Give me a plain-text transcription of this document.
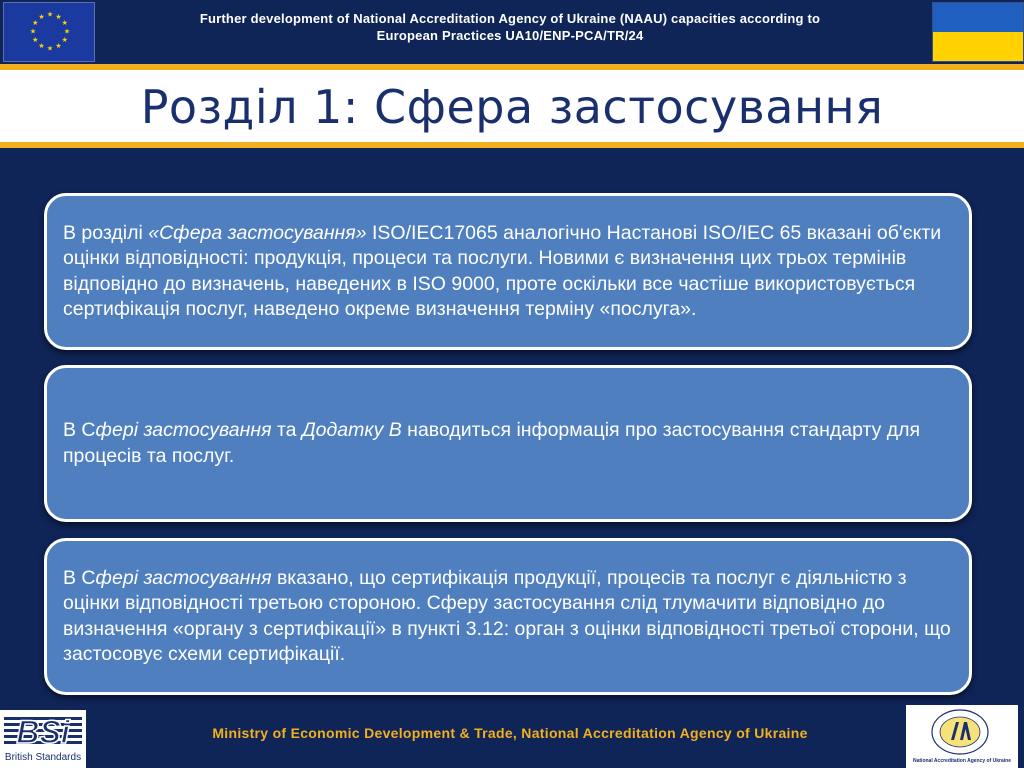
★ ★
★
★
★
★
★
★
★
★
★
★	Further development of National Accreditation Agency of Ukraine (NAAU) capacities according to
European Practices UA10/ENP-PCA/TR/24
Розділ 1: Сфера застосування

В розділі «Сфера застосування» ISO/IEC17065 аналогічно Настанові ISO/IEC 65 вказані об'єкти оцінки відповідності: продукція, процеси та послуги. Новими є визначення цих трьох термінів відповідно до визначень, наведених в ISO 9000, проте оскільки все частіше використовується сертифікація послуг, наведено окреме визначення терміну «послуга».

В Сфері застосування та Додатку В наводиться інформація про застосування стандарту для процесів та послуг.

В Сфері застосування вказано, що сертифікація продукції, процесів та послуг є діяльністю з оцінки відповідності третьою стороною. Сферу застосування слід тлумачити відповідно до визначення «органу з сертифікації» в пункті 3.12: орган з оцінки відповідності третьої сторони, що застосовує схеми сертифікації.

BSi
British Standards
Ministry of Economic Development & Trade, National Accreditation Agency of Ukraine
National Accreditation Agency of Ukraine
